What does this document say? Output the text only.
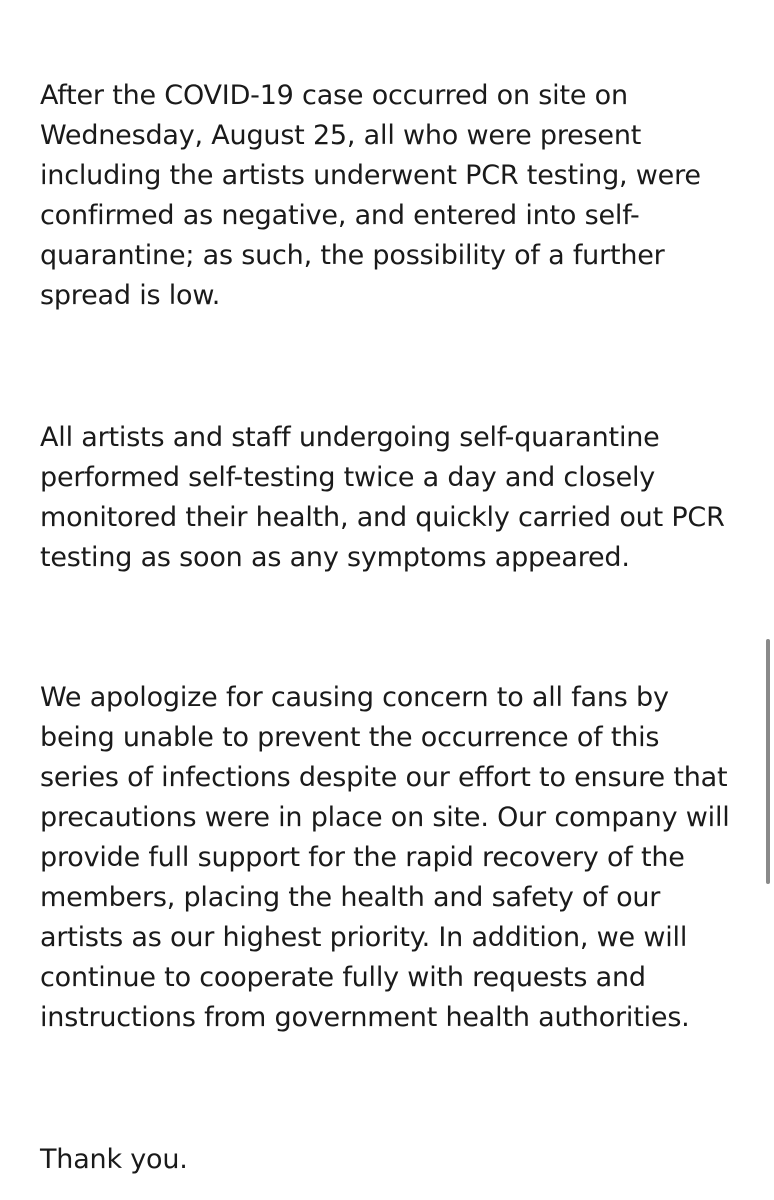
After the COVID-19 case occurred on site on
Wednesday, August 25, all who were present
including the artists underwent PCR testing, were
confirmed as negative, and entered into self-
quarantine; as such, the possibility of a further
spread is low.

All artists and staff undergoing self-quarantine
performed self-testing twice a day and closely
monitored their health, and quickly carried out PCR
testing as soon as any symptoms appeared.

We apologize for causing concern to all fans by
being unable to prevent the occurrence of this
series of infections despite our effort to ensure that
precautions were in place on site. Our company will
provide full support for the rapid recovery of the
members, placing the health and safety of our
artists as our highest priority. In addition, we will
continue to cooperate fully with requests and
instructions from government health authorities.

Thank you.
